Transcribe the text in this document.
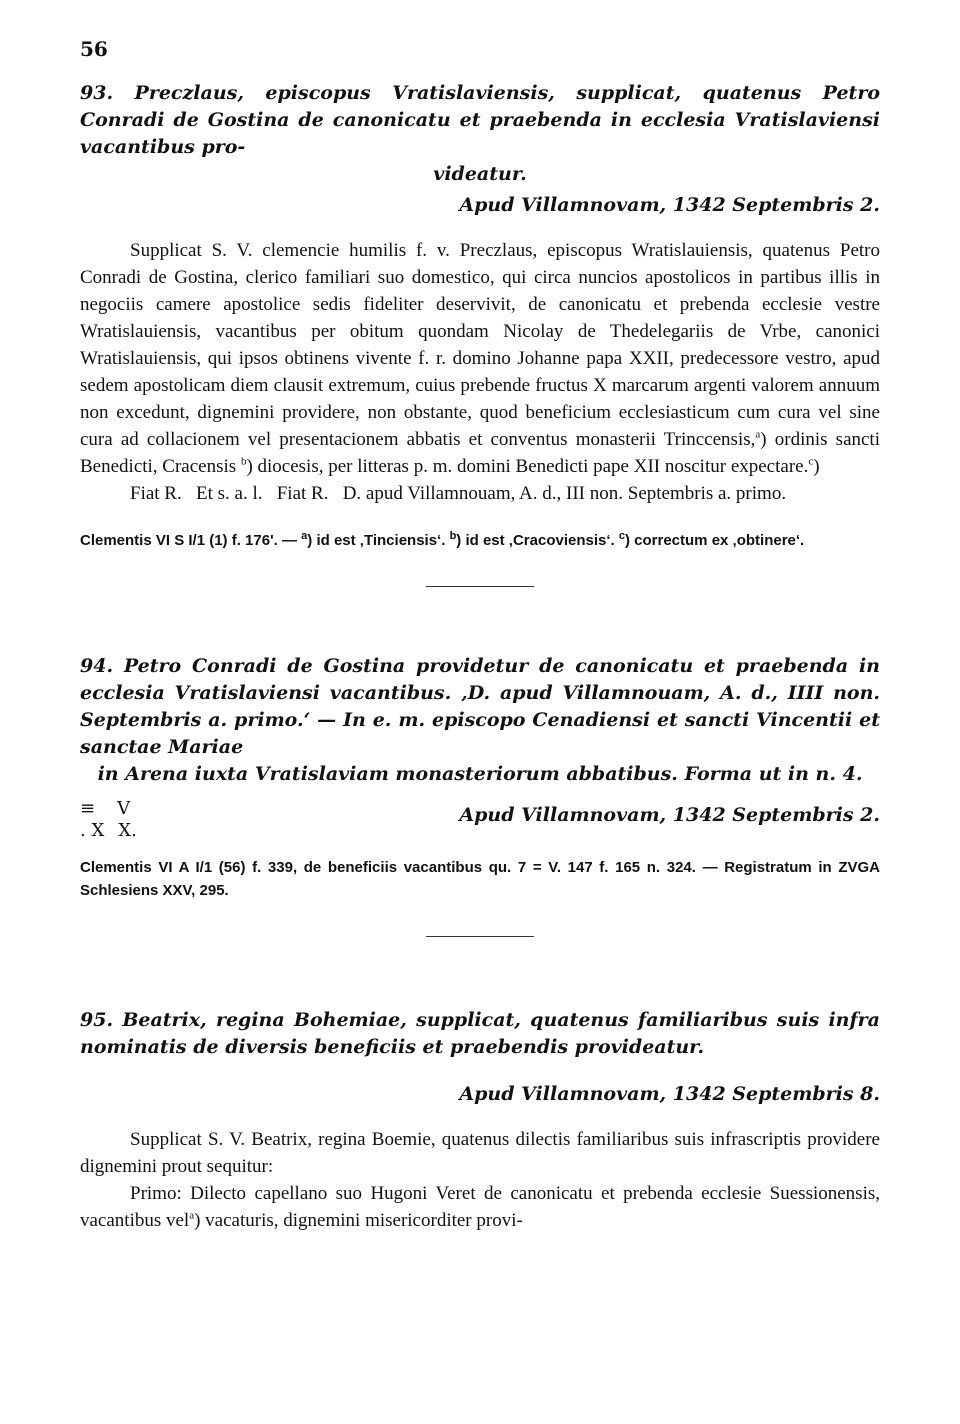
56

93. Preczlaus, episcopus Vratislaviensis, supplicat, quatenus Petro Conradi de Gostina de canonicatu et praebenda in ecclesia Vratislaviensi vacantibus pro-

videatur.

Apud Villamnovam, 1342 Septembris 2.

Supplicat S. V. clemencie humilis f. v. Preczlaus, episcopus Wratislauiensis, quatenus Petro Conradi de Gostina, clerico familiari suo domestico, qui circa nuncios apostolicos in partibus illis in negociis camere apostolice sedis fideliter deservivit, de canonicatu et prebenda ecclesie vestre Wratislauiensis, vacantibus per obitum quondam Nicolay de Thedelegariis de Vrbe, canonici Wratislauiensis, qui ipsos obtinens vivente f. r. domino Johanne papa XXII, predecessore vestro, apud sedem apostolicam diem clausit extremum, cuius prebende fructus X marcarum argenti valorem annuum non excedunt, dignemini providere, non obstante, quod beneficium ecclesiasticum cum cura vel sine cura ad collacionem vel presentacionem abbatis et conventus monasterii Trinccensis,$^a$) ordinis sancti Benedicti, Cracensis $^b$) diocesis, per litteras p. m. domini Benedicti pape XII noscitur expectare.$^c$)

Fiat R.   Et s. a. l.   Fiat R.   D. apud Villamnouam, A. d., III non. Septembris a. primo.

Clementis VI S I/1 (1) f. 176'. — $^a$) id est ‚Tinciensis‘. $^b$) id est ‚Cracoviensis‘. $^c$) correctum ex ‚obtinere‘.

94. Petro Conradi de Gostina providetur de canonicatu et praebenda in ecclesia Vratislaviensi vacantibus. ‚D. apud Villamnouam, A. d., IIII non. Septembris a. primo.‘ — In e. m. episcopo Cenadiensi et sancti Vincentii et sanctae Mariae

in Arena iuxta Vratislaviam monasteriorum abbatibus. Forma ut in n. 4.

≡ V
. X X.

Apud Villamnovam, 1342 Septembris 2.

Clementis VI A I/1 (56) f. 339, de beneficiis vacantibus qu. 7 = V. 147 f. 165 n. 324. — Registratum in ZVGA Schlesiens XXV, 295.

95. Beatrix, regina Bohemiae, supplicat, quatenus familiaribus suis infra nominatis de diversis beneficiis et praebendis provideatur.

Apud Villamnovam, 1342 Septembris 8.

Supplicat S. V. Beatrix, regina Boemie, quatenus dilectis familiaribus suis infrascriptis providere dignemini prout sequitur:

Primo: Dilecto capellano suo Hugoni Veret de canonicatu et prebenda ecclesie Suessionensis, vacantibus vel$^a$) vacaturis, dignemini misericorditer provi-
